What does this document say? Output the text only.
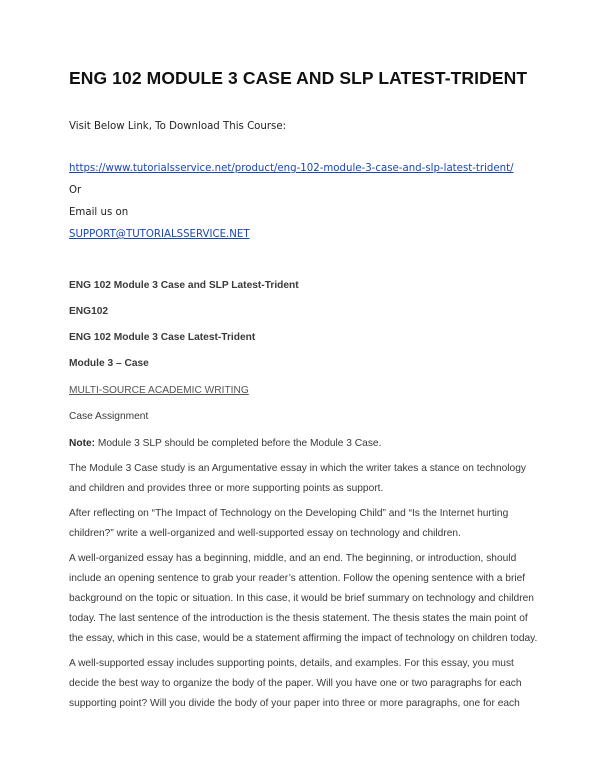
ENG 102 MODULE 3 CASE AND SLP LATEST-TRIDENT
Visit Below Link, To Download This Course:
https://www.tutorialsservice.net/product/eng-102-module-3-case-and-slp-latest-trident/
Or
Email us on
SUPPORT@TUTORIALSSERVICE.NET
ENG 102 Module 3 Case and SLP Latest-Trident
ENG102
ENG 102 Module 3 Case Latest-Trident
Module 3 – Case
MULTI-SOURCE ACADEMIC WRITING
Case Assignment
Note: Module 3 SLP should be completed before the Module 3 Case.
The Module 3 Case study is an Argumentative essay in which the writer takes a stance on technology
and children and provides three or more supporting points as support.
After reflecting on “The Impact of Technology on the Developing Child” and “Is the Internet hurting
children?” write a well-organized and well-supported essay on technology and children.
A well-organized essay has a beginning, middle, and an end. The beginning, or introduction, should
include an opening sentence to grab your reader’s attention. Follow the opening sentence with a brief
background on the topic or situation. In this case, it would be brief summary on technology and children
today. The last sentence of the introduction is the thesis statement. The thesis states the main point of
the essay, which in this case, would be a statement affirming the impact of technology on children today.
A well-supported essay includes supporting points, details, and examples. For this essay, you must
decide the best way to organize the body of the paper. Will you have one or two paragraphs for each
supporting point? Will you divide the body of your paper into three or more paragraphs, one for each
